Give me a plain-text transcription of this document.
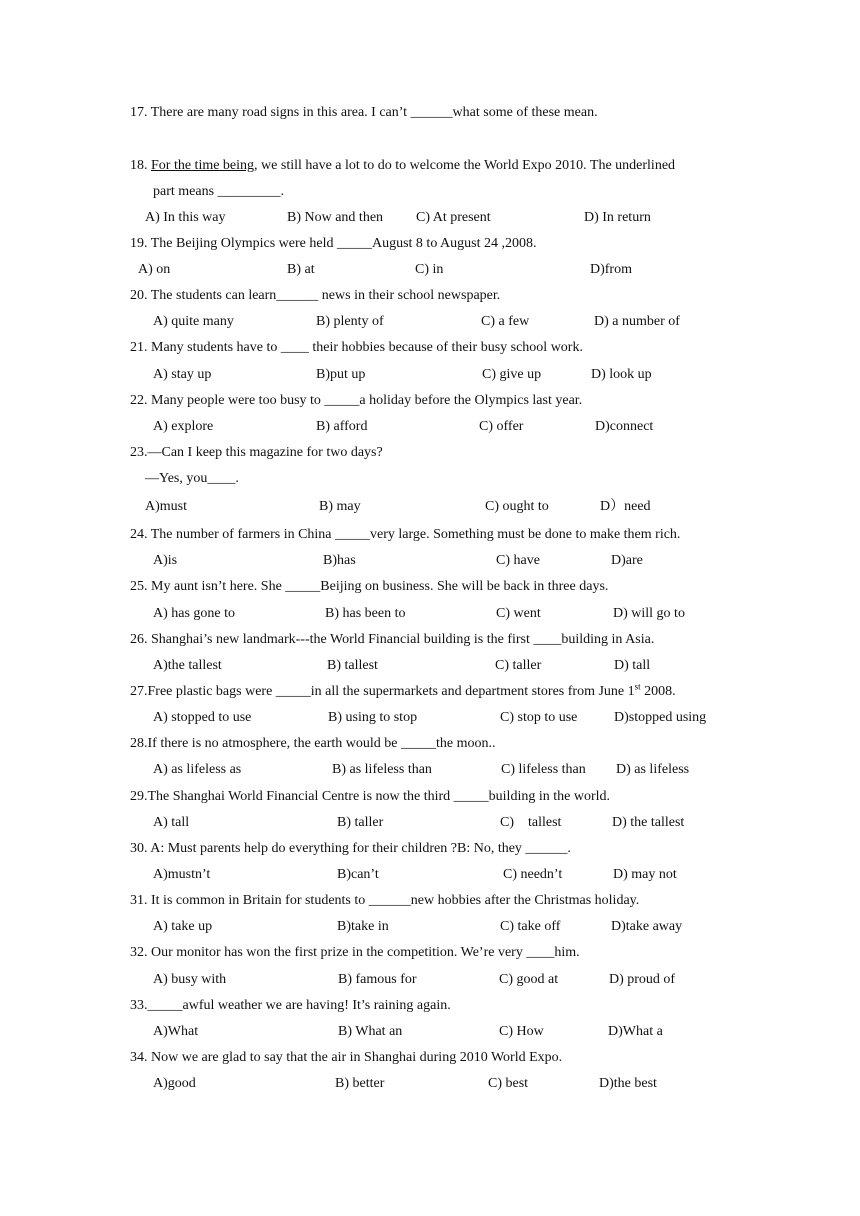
17. There are many road signs in this area. I can’t ______what some of these mean.
18. For the time being, we still have a lot to do to welcome the World Expo 2010. The underlined
part means _________.
A) In this way	B) Now and then C) At present	D) In return
19. The Beijing Olympics were held _____August 8 to August 24 ,2008.
A) on	B) at	C) in	D)from
20. The students can learn______ news in their school newspaper.
A) quite many	B) plenty of	C) a few	D) a number of
21. Many students have to ____ their hobbies because of their busy school work.
A) stay up	B)put up	C) give up	D) look up
22. Many people were too busy to _____a holiday before the Olympics last year.
A) explore	B) afford	C) offer	D)connect
23.—Can I keep this magazine for two days?
—Yes, you____.
A)must	B) may	C) ought to	D）need
24. The number of farmers in China _____very large. Something must be done to make them rich.
A)is	B)has	C) have	D)are
25. My aunt isn’t here. She _____Beijing on business. She will be back in three days.
A) has gone to	B) has been to	C) went	D) will go to
26. Shanghai’s new landmark---the World Financial building is the first ____building in Asia.
A)the tallest	B) tallest	C) taller	D) tall
27.Free plastic bags were _____in all the supermarkets and department stores from June 1st 2008.
A) stopped to use	B) using to stop	C) stop to use	D)stopped using
28.If there is no atmosphere, the earth would be _____the moon..
A) as lifeless as	B) as lifeless than	C) lifeless than D) as lifeless
29.The Shanghai World Financial Centre is now the third _____building in the world.
A) tall	B) taller	C)    tallest	D) the tallest
30. A: Must parents help do everything for their children ?B: No, they ______.
A)mustn’t	B)can’t	C) needn’t	D) may not
31. It is common in Britain for students to ______new hobbies after the Christmas holiday.
A) take up	B)take in	C) take off	D)take away
32. Our monitor has won the first prize in the competition. We’re very ____him.
A) busy with	B) famous for	C) good at	D) proud of
33._____awful weather we are having! It’s raining again.
A)What	B) What an	C) How	D)What a
34. Now we are glad to say that the air in Shanghai during 2010 World Expo.
A)good	B) better	C) best	D)the best
